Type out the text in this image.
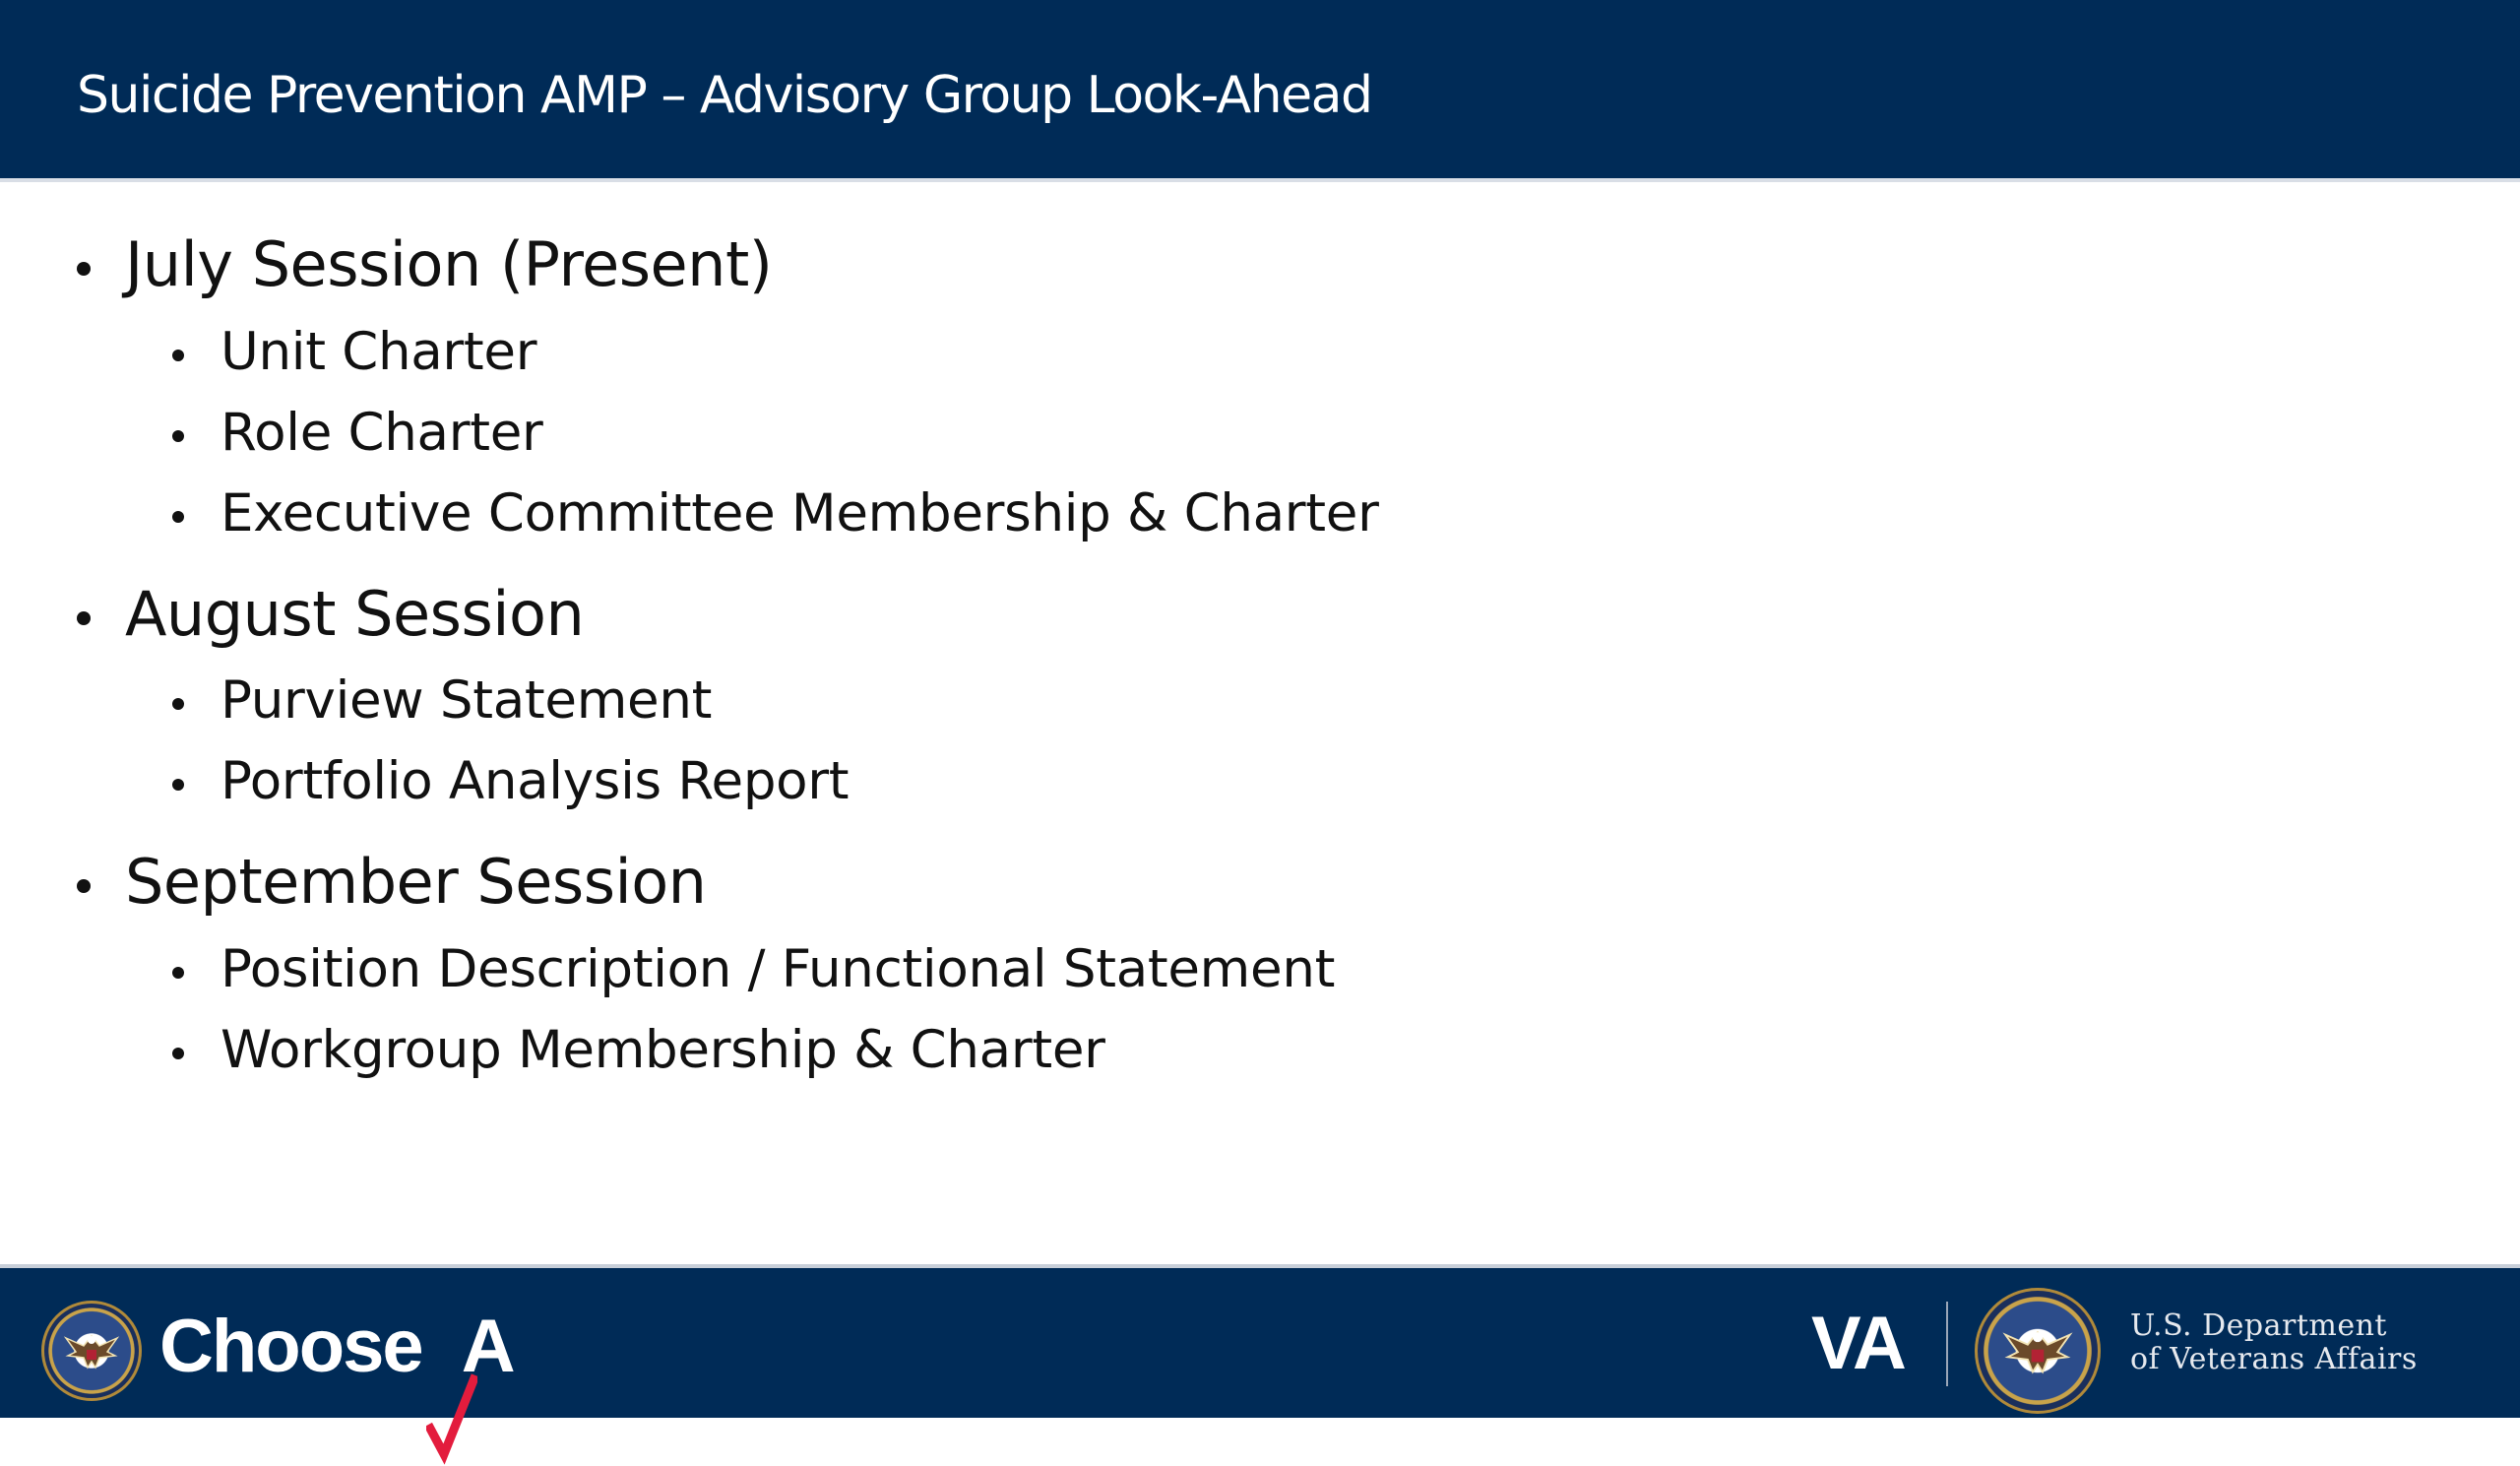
Suicide Prevention AMP – Advisory Group Look-Ahead
July Session (Present)
Unit Charter
Role Charter
Executive Committee Membership & Charter
August Session
Purview Statement
Portfolio Analysis Report
September Session
Position Description / Functional Statement
Workgroup Membership & Charter
Choose A	VA	U.S. Department
of Veterans Affairs
